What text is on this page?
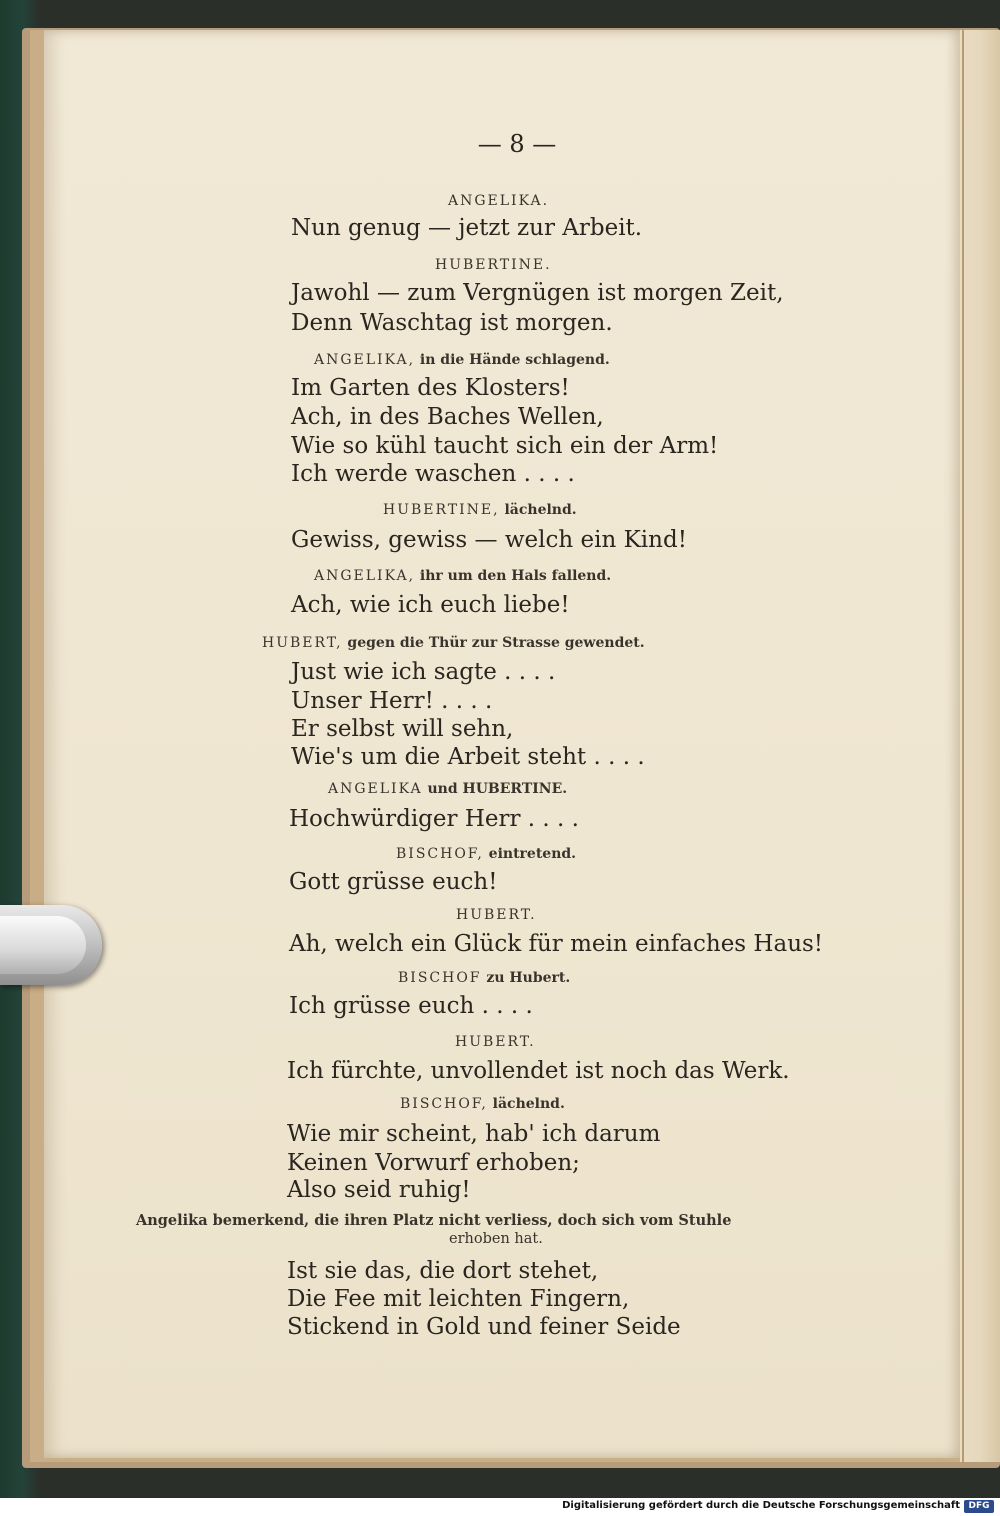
— 8 —
ANGELIKA.
Nun genug — jetzt zur Arbeit.
HUBERTINE.
Jawohl — zum Vergnügen ist morgen Zeit,
Denn Waschtag ist morgen.
ANGELIKA, in die Hände schlagend.
Im Garten des Klosters!
Ach, in des Baches Wellen,
Wie so kühl taucht sich ein der Arm!
Ich werde waschen . . . .
HUBERTINE, lächelnd.
Gewiss, gewiss — welch ein Kind!
ANGELIKA, ihr um den Hals fallend.
Ach, wie ich euch liebe!
HUBERT, gegen die Thür zur Strasse gewendet.
Just wie ich sagte . . . .
Unser Herr! . . . .
Er selbst will sehn,
Wie's um die Arbeit steht . . . .
ANGELIKA und HUBERTINE.
Hochwürdiger Herr . . . .
BISCHOF, eintretend.
Gott grüsse euch!
HUBERT.
Ah, welch ein Glück für mein einfaches Haus!
BISCHOF zu Hubert.
Ich grüsse euch . . . .
HUBERT.
Ich fürchte, unvollendet ist noch das Werk.
BISCHOF, lächelnd.
Wie mir scheint, hab' ich darum
Keinen Vorwurf erhoben;
Also seid ruhig!
Angelika bemerkend, die ihren Platz nicht verliess, doch sich vom Stuhle
erhoben hat.
Ist sie das, die dort stehet,
Die Fee mit leichten Fingern,
Stickend in Gold und feiner Seide
Digitalisierung gefördert durch die Deutsche Forschungsgemeinschaft DFG
